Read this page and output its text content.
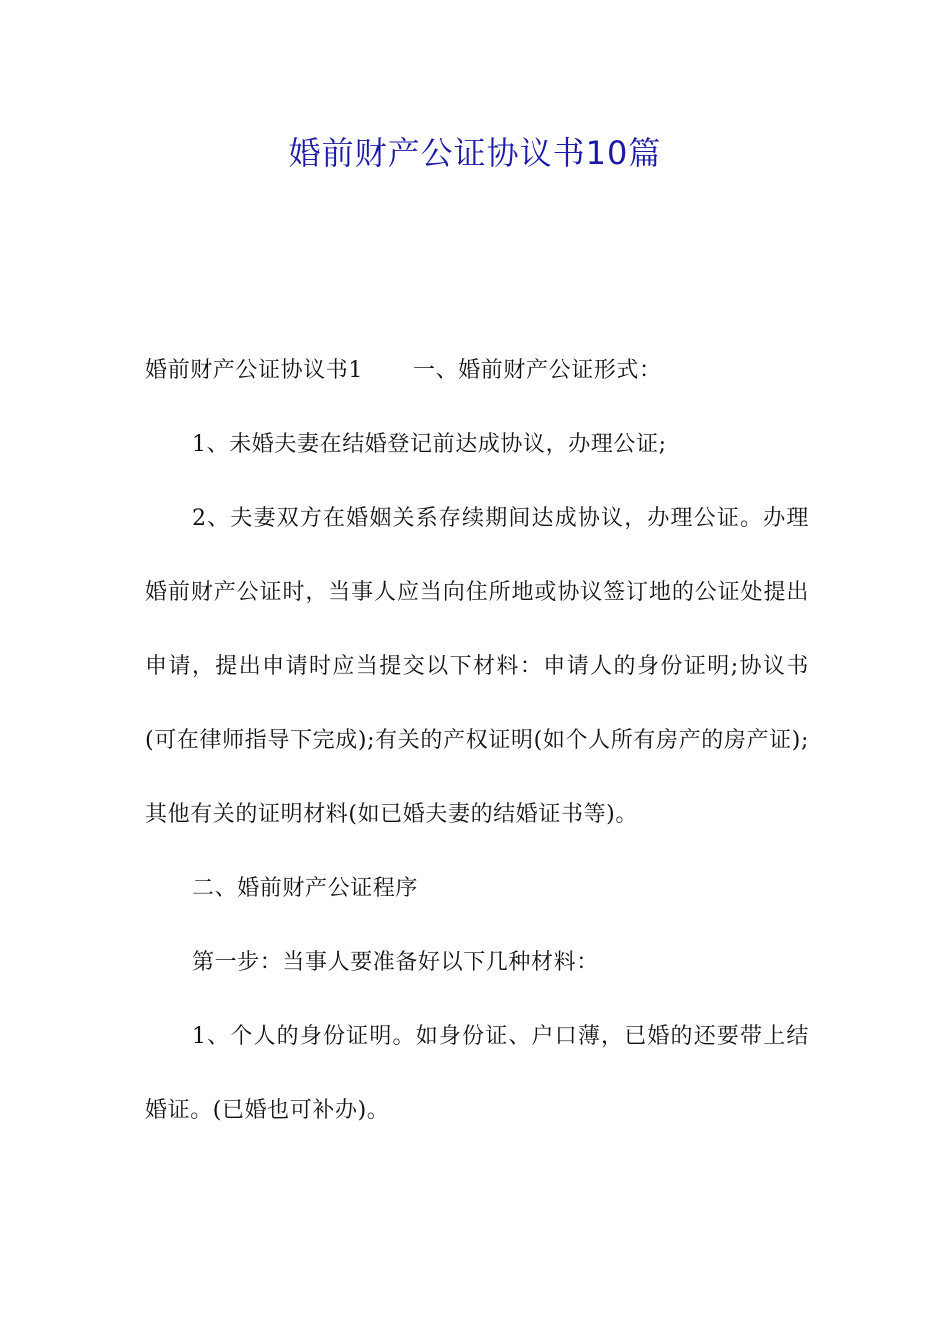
婚前财产公证协议书10篇

婚前财产公证协议书1 一、婚前财产公证形式：

1、未婚夫妻在结婚登记前达成协议，办理公证;

2、夫妻双方在婚姻关系存续期间达成协议，办理公证。办理婚前财产公证时，当事人应当向住所地或协议签订地的公证处提出申请，提出申请时应当提交以下材料：申请人的身份证明;协议书(可在律师指导下完成);有关的产权证明(如个人所有房产的房产证);其他有关的证明材料(如已婚夫妻的结婚证书等)。

二、婚前财产公证程序

第一步：当事人要准备好以下几种材料：

1、个人的身份证明。如身份证、户口薄，已婚的还要带上结婚证。(已婚也可补办)。
